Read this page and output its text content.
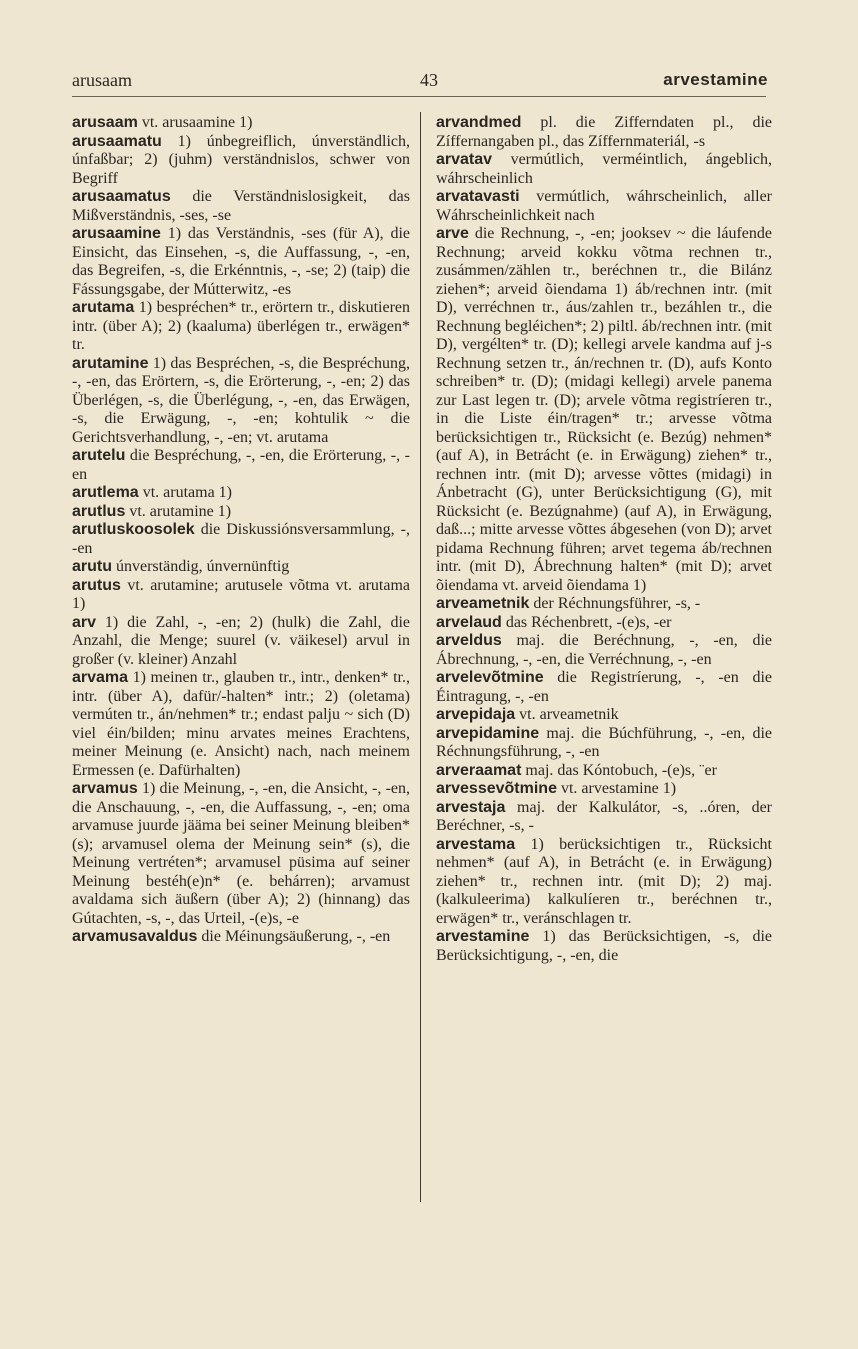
arusaam	43	arvestamine
arusaam vt. arusaamine 1)
arusaamatu 1) únbegreiflich, únverständlich, únfaßbar; 2) (juhm) verständnislos, schwer von Begriff
arusaamatus die Verständnislosigkeit, das Mißverständnis, -ses, -se
arusaamine 1) das Verständnis, -ses (für A), die Einsicht, das Einsehen, -s, die Auffassung, -, -en, das Begreifen, -s, die Erkénntnis, -, -se; 2) (taip) die Fássungsgabe, der Mútterwitz, -es
arutama 1) bespréchen* tr., erörtern tr., diskutieren intr. (über A); 2) (kaaluma) überlégen tr., erwägen* tr.
arutamine 1) das Bespréchen, -s, die Bespréchung, -, -en, das Erörtern, -s, die Erörterung, -, -en; 2) das Überlégen, -s, die Überlégung, -, -en, das Erwägen, -s, die Erwägung, -, -en; kohtulik ~ die Gerichtsverhandlung, -, -en; vt. arutama
arutelu die Bespréchung, -, -en, die Erörterung, -, -en
arutlema vt. arutama 1)
arutlus vt. arutamine 1)
arutluskoosolek die Diskussiónsversammlung, -, -en
arutu únverständig, únvernünftig
arutus vt. arutamine; arutusele võtma vt. arutama 1)
arv 1) die Zahl, -, -en; 2) (hulk) die Zahl, die Anzahl, die Menge; suurel (v. väikesel) arvul in großer (v. kleiner) Anzahl
arvama 1) meinen tr., glauben tr., intr., denken* tr., intr. (über A), dafür/-halten* intr.; 2) (oletama) vermúten tr., án/nehmen* tr.; endast palju ~ sich (D) viel éin/bilden; minu arvates meines Erachtens, meiner Meinung (e. Ansicht) nach, nach meinem Ermessen (e. Dafürhalten)
arvamus 1) die Meinung, -, -en, die Ansicht, -, -en, die Anschauung, -, -en, die Auffassung, -, -en; oma arvamuse juurde jääma bei seiner Meinung bleiben* (s); arvamusel olema der Meinung sein* (s), die Meinung vertréten*; arvamusel püsima auf seiner Meinung bestéh(e)n* (e. behárren); arvamust avaldama sich äußern (über A); 2) (hinnang) das Gútachten, -s, -, das Urteil, -(e)s, -e
arvamusavaldus die Méinungsäußerung, -, -en
arvandmed pl. die Zifferndaten pl., die Zíffernangaben pl., das Zíffernmateriál, -s
arvatav vermútlich, verméintlich, ángeblich, wáhrscheinlich
arvatavasti vermútlich, wáhrscheinlich, aller Wáhrscheinlichkeit nach
arve die Rechnung, -, -en; jooksev ~ die láufende Rechnung; arveid kokku võtma rechnen tr., zusámmen/zählen tr., beréchnen tr., die Bilánz ziehen*; arveid õiendama 1) áb/rechnen intr. (mit D), verréchnen tr., áus/zahlen tr., bezáhlen tr., die Rechnung begléichen*; 2) piltl. áb/rechnen intr. (mit D), vergélten* tr. (D); kellegi arvele kandma auf j-s Rechnung setzen tr., án/rechnen tr. (D), aufs Konto schreiben* tr. (D); (midagi kellegi) arvele panema zur Last legen tr. (D); arvele võtma registríeren tr., in die Liste éin/tragen* tr.; arvesse võtma berücksichtigen tr., Rücksicht (e. Bezúg) nehmen* (auf A), in Betrácht (e. in Erwägung) ziehen* tr., rechnen intr. (mit D); arvesse võttes (midagi) in Ánbetracht (G), unter Berücksichtigung (G), mit Rücksicht (e. Bezúgnahme) (auf A), in Erwägung, daß...; mitte arvesse võttes ábgesehen (von D); arvet pidama Rechnung führen; arvet tegema áb/rechnen intr. (mit D), Ábrechnung halten* (mit D); arvet õiendama vt. arveid õiendama 1)
arveametnik der Réchnungsführer, -s, -
arvelaud das Réchenbrett, -(e)s, -er
arveldus maj. die Beréchnung, -, -en, die Ábrechnung, -, -en, die Verréchnung, -, -en
arvelevõtmine die Registríerung, -, -en die Éintragung, -, -en
arvepidaja vt. arveametnik
arvepidamine maj. die Búchführung, -, -en, die Réchnungsführung, -, -en
arveraamat maj. das Kóntobuch, -(e)s, ¨er
arvessevõtmine vt. arvestamine 1)
arvestaja maj. der Kalkulátor, -s, ..óren, der Beréchner, -s, -
arvestama 1) berücksichtigen tr., Rücksicht nehmen* (auf A), in Betrácht (e. in Erwägung) ziehen* tr., rechnen intr. (mit D); 2) maj. (kalkuleerima) kalkulíeren tr., beréchnen tr., erwägen* tr., veránschlagen tr.
arvestamine 1) das Berücksichtigen, -s, die Berücksichtigung, -, -en, die
